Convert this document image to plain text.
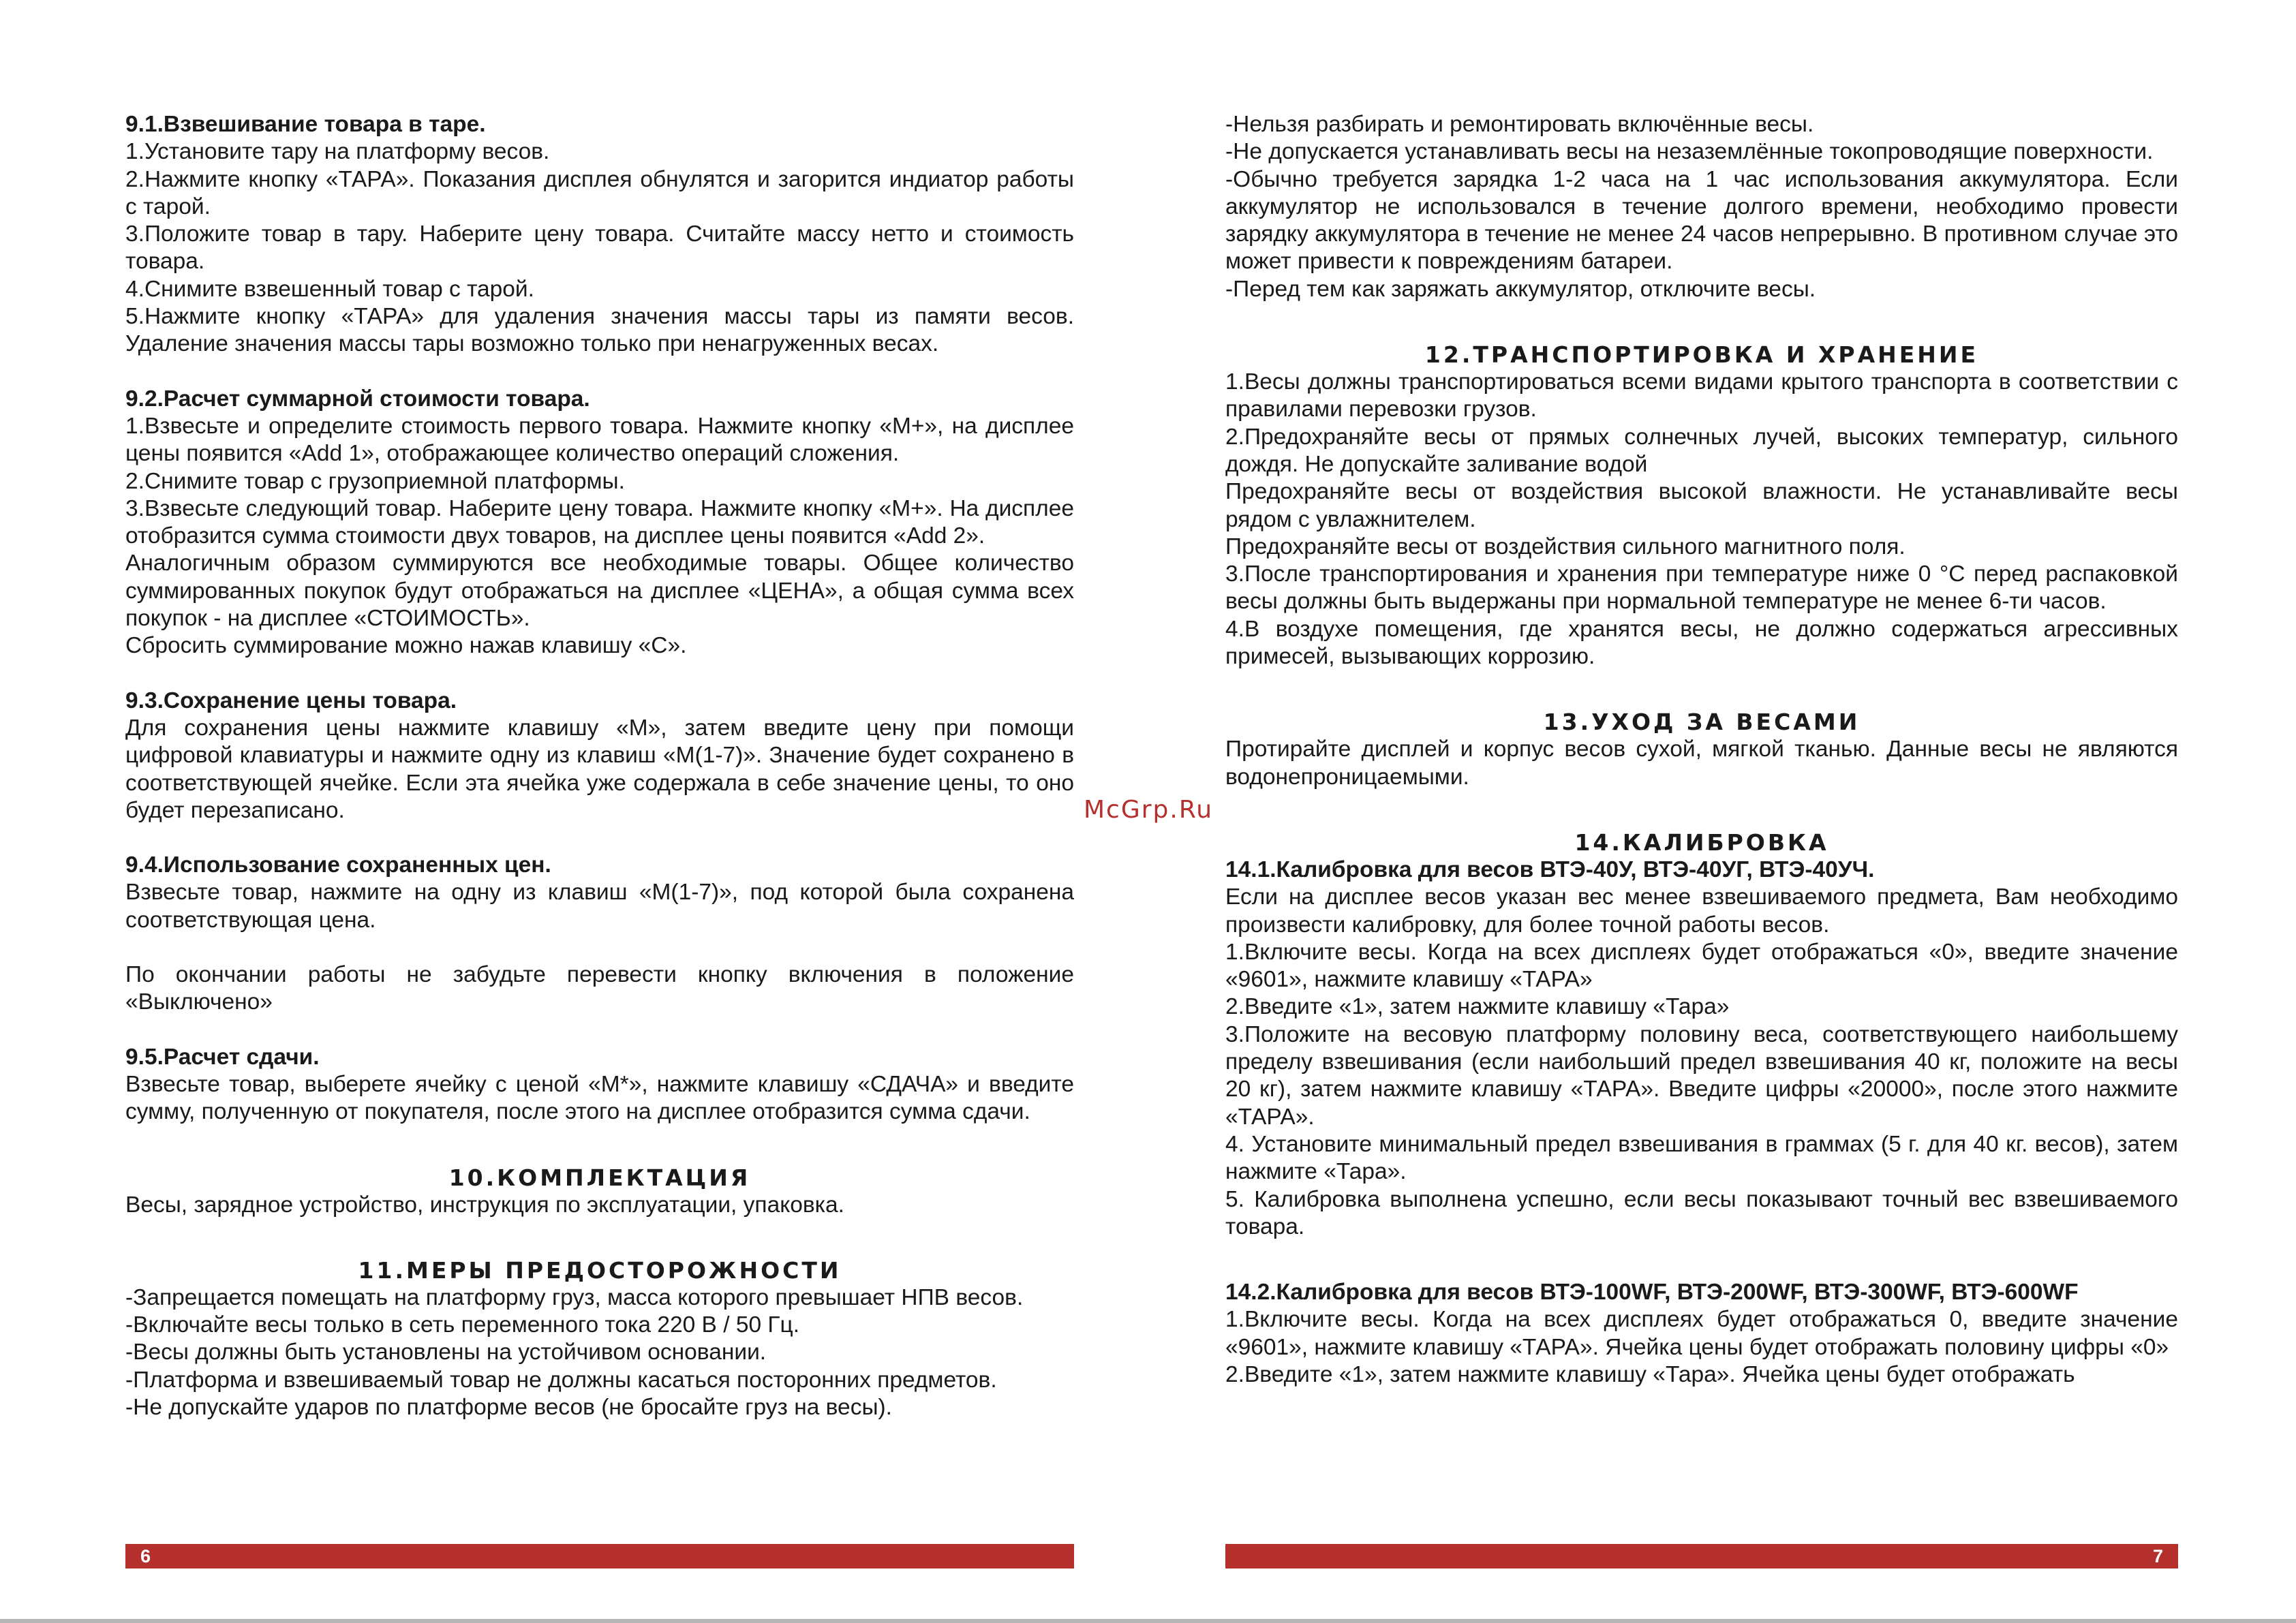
9.1.Взвешивание товара в таре.

1.Установите тару на платформу весов.

2.Нажмите кнопку «ТАРА». Показания дисплея обнулятся и загорится индиатор работы с тарой.

3.Положите товар в тару. Наберите цену товара. Считайте массу нетто и стоимость товара.

4.Снимите взвешенный товар с тарой.

5.Нажмите кнопку «ТАРА» для удаления значения массы тары из памяти весов. Удаление значения массы тары возможно только при ненагруженных весах.

9.2.Расчет суммарной стоимости товара.

1.Взвесьте и определите стоимость первого товара. Нажмите кнопку «М+», на дисплее цены появится «Add 1», отображающее количество операций сложения.

2.Снимите товар с грузоприемной платформы.

3.Взвесьте следующий товар. Наберите цену товара. Нажмите кнопку «М+». На дисплее отобразится сумма стоимости двух товаров, на дисплее цены появится «Add 2».

Аналогичным образом суммируются все необходимые товары. Общее количество суммированных покупок будут отображаться на дисплее «ЦЕНА», а общая сумма всех покупок - на дисплее «СТОИМОСТЬ».

Сбросить суммирование можно нажав клавишу «С».

9.3.Сохранение цены товара.

Для сохранения цены нажмите клавишу «М», затем введите цену при помощи цифровой клавиатуры и нажмите одну из клавиш «М(1-7)». Значение будет сохранено в соответствующей ячейке. Если эта ячейка уже содержала в себе значение цены, то оно будет перезаписано.

9.4.Использование сохраненных цен.

Взвесьте товар, нажмите на одну из клавиш «М(1-7)», под которой была сохранена соответствующая цена.

По окончании работы не забудьте перевести кнопку включения в положение «Выключено»

9.5.Расчет сдачи.

Взвесьте товар, выберете ячейку с ценой «М*», нажмите клавишу «СДАЧА» и введите сумму, полученную от покупателя, после этого на дисплее отобразится сумма сдачи.

10.КОМПЛЕКТАЦИЯ

Весы, зарядное устройство, инструкция по эксплуатации, упаковка.

11.МЕРЫ ПРЕДОСТОРОЖНОСТИ

-Запрещается помещать на платформу груз, масса которого превышает НПВ весов.

-Включайте весы только в сеть переменного тока 220 В / 50 Гц.

-Весы должны быть установлены на устойчивом основании.

-Платформа и взвешиваемый товар не должны касаться посторонних предметов.

-Не допускайте ударов по платформе весов (не бросайте груз на весы).

-Нельзя разбирать и ремонтировать включённые весы.

-Не допускается устанавливать весы на незаземлённые токопроводящие поверхности.

-Обычно требуется зарядка 1-2 часа на 1 час использования аккумулятора. Если аккумулятор не использовался в течение долгого времени, необходимо провести зарядку аккумулятора в течение не менее 24 часов непрерывно. В противном случае это может привести к повреждениям батареи.

-Перед тем как заряжать аккумулятор, отключите весы.

12.ТРАНСПОРТИРОВКА И ХРАНЕНИЕ

1.Весы должны транспортироваться всеми видами крытого транспорта в соответствии с правилами перевозки грузов.

2.Предохраняйте весы от прямых солнечных лучей, высоких температур, сильного дождя. Не допускайте заливание водой

Предохраняйте весы от воздействия высокой влажности. Не устанавливайте весы рядом с увлажнителем.

Предохраняйте весы от воздействия сильного магнитного поля.

3.После транспортирования и хранения при температуре ниже 0 °С перед распаковкой весы должны быть выдержаны при нормальной температуре не менее 6-ти часов.

4.В воздухе помещения, где хранятся весы, не должно содержаться агрессивных примесей, вызывающих коррозию.

13.УХОД ЗА ВЕСАМИ

Протирайте дисплей и корпус весов сухой, мягкой тканью. Данные весы не являются водонепроницаемыми.

14.КАЛИБРОВКА

14.1.Калибровка для весов ВТЭ-40У, ВТЭ-40УГ, ВТЭ-40УЧ.

Если на дисплее весов указан вес менее взвешиваемого предмета, Вам необходимо произвести калибровку, для более точной работы весов.

1.Включите весы. Когда на всех дисплеях будет отображаться «0», введите значение «9601», нажмите клавишу «ТАРА»

2.Введите «1», затем нажмите клавишу «Тара»

3.Положите на весовую платформу половину веса, соответствующего наибольшему пределу взвешивания (если наибольший предел взвешивания 40 кг, положите на весы 20 кг), затем нажмите клавишу «ТАРА». Введите цифры «20000», после этого нажмите «ТАРА».

4. Установите минимальный предел взвешивания в граммах (5 г. для 40 кг. весов), затем нажмите «Тара».

5. Калибровка выполнена успешно, если весы показывают точный вес взвешиваемого товара.

14.2.Калибровка для весов ВТЭ-100WF, ВТЭ-200WF, ВТЭ-300WF, ВТЭ-600WF

1.Включите весы. Когда на всех дисплеях будет отображаться 0, введите значение «9601», нажмите клавишу «ТАРА». Ячейка цены будет отображать половину цифры «0»

2.Введите «1», затем нажмите клавишу «Тара». Ячейка цены будет отображать

McGrp.Ru
6	7
